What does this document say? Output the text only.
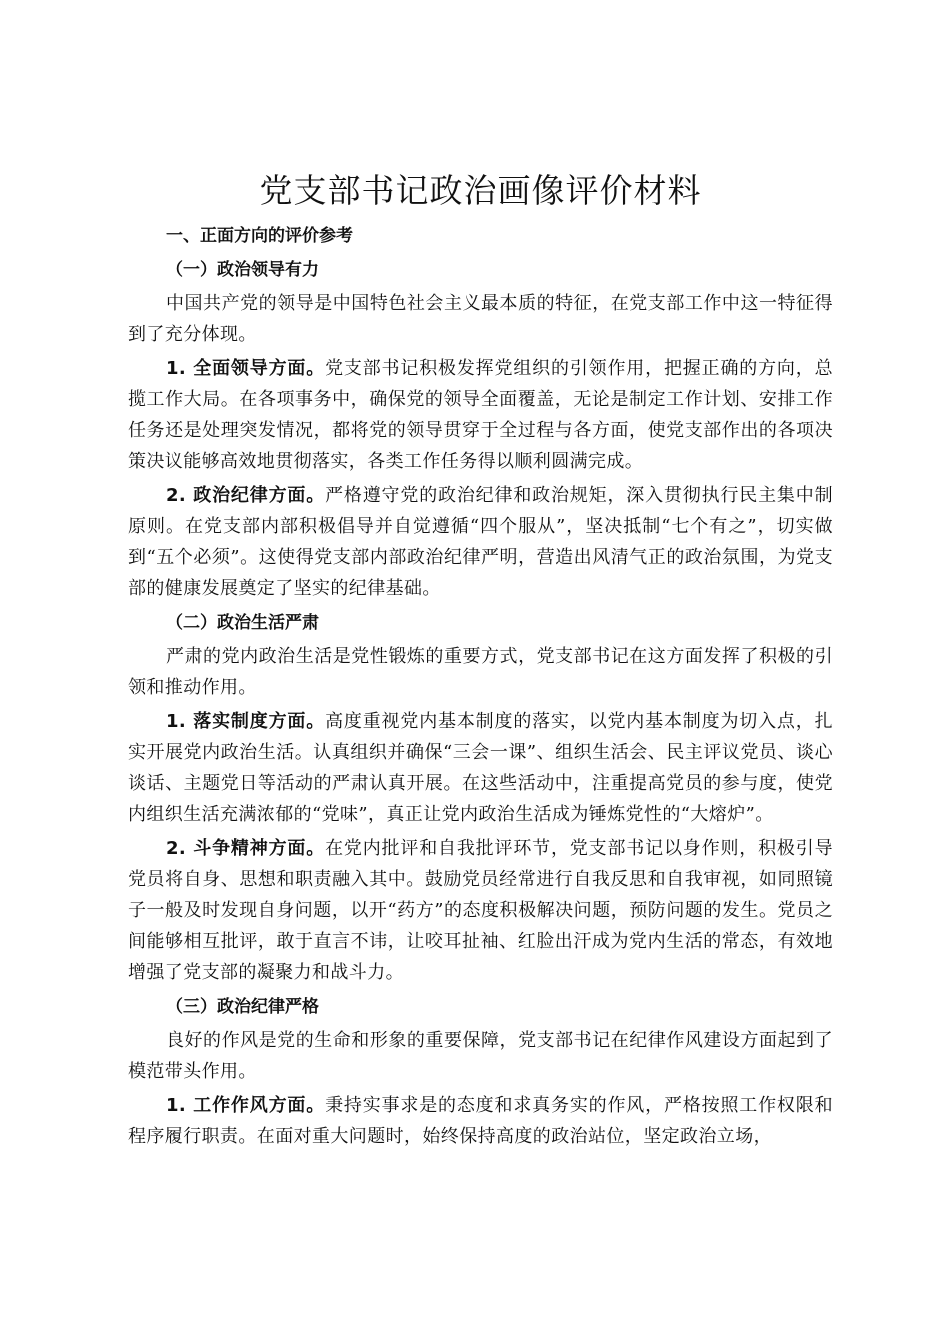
党支部书记政治画像评价材料
一、正面方向的评价参考
（一）政治领导有力
中国共产党的领导是中国特色社会主义最本质的特征，在党支部工作中这一特征得到了充分体现。
1. 全面领导方面。党支部书记积极发挥党组织的引领作用，把握正确的方向，总揽工作大局。在各项事务中，确保党的领导全面覆盖，无论是制定工作计划、安排工作任务还是处理突发情况，都将党的领导贯穿于全过程与各方面，使党支部作出的各项决策决议能够高效地贯彻落实，各类工作任务得以顺利圆满完成。
2. 政治纪律方面。严格遵守党的政治纪律和政治规矩，深入贯彻执行民主集中制原则。在党支部内部积极倡导并自觉遵循“四个服从”，坚决抵制“七个有之”，切实做到“五个必须”。这使得党支部内部政治纪律严明，营造出风清气正的政治氛围，为党支部的健康发展奠定了坚实的纪律基础。
（二）政治生活严肃
严肃的党内政治生活是党性锻炼的重要方式，党支部书记在这方面发挥了积极的引领和推动作用。
1. 落实制度方面。高度重视党内基本制度的落实，以党内基本制度为切入点，扎实开展党内政治生活。认真组织并确保“三会一课”、组织生活会、民主评议党员、谈心谈话、主题党日等活动的严肃认真开展。在这些活动中，注重提高党员的参与度，使党内组织生活充满浓郁的“党味”，真正让党内政治生活成为锤炼党性的“大熔炉”。
2. 斗争精神方面。在党内批评和自我批评环节，党支部书记以身作则，积极引导党员将自身、思想和职责融入其中。鼓励党员经常进行自我反思和自我审视，如同照镜子一般及时发现自身问题，以开“药方”的态度积极解决问题，预防问题的发生。党员之间能够相互批评，敢于直言不讳，让咬耳扯袖、红脸出汗成为党内生活的常态，有效地增强了党支部的凝聚力和战斗力。
（三）政治纪律严格
良好的作风是党的生命和形象的重要保障，党支部书记在纪律作风建设方面起到了模范带头作用。
1. 工作作风方面。秉持实事求是的态度和求真务实的作风，严格按照工作权限和程序履行职责。在面对重大问题时，始终保持高度的政治站位，坚定政治立场，
